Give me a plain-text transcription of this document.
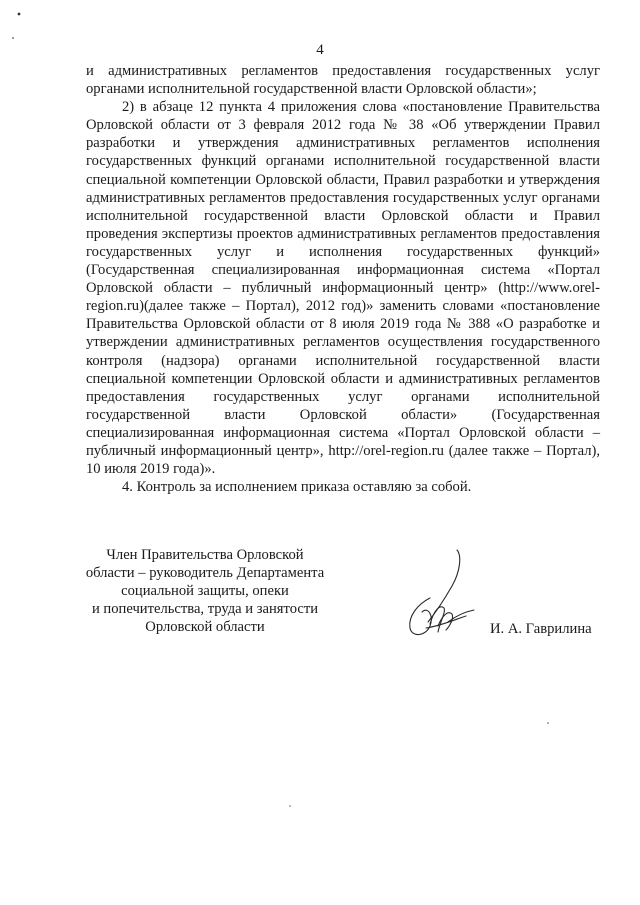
4

и административных регламентов предоставления государственных услуг органами исполнительной государственной власти Орловской области»;

2) в абзаце 12 пункта 4 приложения слова «постановление Правительства Орловской области от 3 февраля 2012 года № 38 «Об утверждении Правил разработки и утверждения административных регламентов исполнения государственных функций органами исполнительной государственной власти специальной компетенции Орловской области, Правил разработки и утверждения административных регламентов предоставления государственных услуг органами исполнительной государственной власти Орловской области и Правил проведения экспертизы проектов административных регламентов предоставления государственных услуг и исполнения государственных функций» (Государственная специализированная информационная система «Портал Орловской области – публичный информационный центр» (http://www.orel-region.ru)(далее также – Портал), 2012 год)» заменить словами «постановление Правительства Орловской области от 8 июля 2019 года № 388 «О разработке и утверждении административных регламентов осуществления государственного контроля (надзора) органами исполнительной государственной власти специальной компетенции Орловской области и административных регламентов предоставления государственных услуг органами исполнительной государственной власти Орловской области» (Государственная специализированная информационная система «Портал Орловской области – публичный информационный центр», http://orel-region.ru (далее также – Портал), 10 июля 2019 года)».

4. Контроль за исполнением приказа оставляю за собой.

Член Правительства Орловской
области – руководитель Департамента
социальной защиты, опеки
и попечительства, труда и занятости
Орловской области	И. А. Гаврилина
